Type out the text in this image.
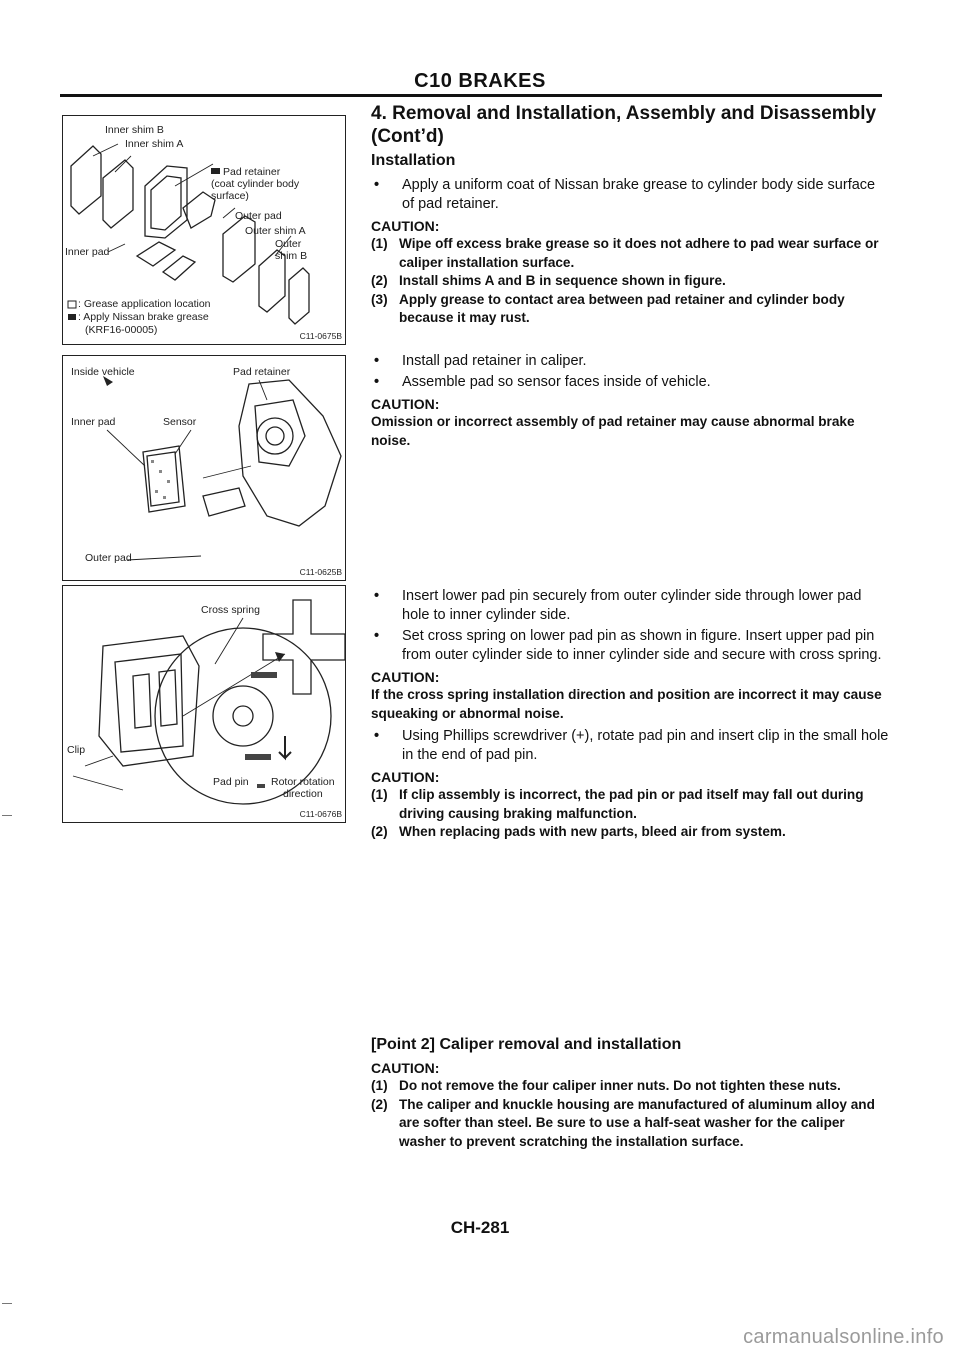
C10 BRAKES
Inner shim B
Inner shim A
Pad retainer
(coat cylinder body
surface)
Outer pad
Outer shim A
Outer
shim B
Inner pad
: Grease application location
: Apply Nissan brake grease
(KRF16-00005)	C11-0675B
Inside vehicle	Pad retainer
Inner pad	Sensor
Outer pad
C11-0625B
Cross spring
Clip
Pad pin Rotor rotation
direction
C11-0676B
4. Removal and Installation, Assembly and Disassembly (Cont’d)
Installation
• Apply a uniform coat of Nissan brake grease to cylinder body side surface of pad retainer.
CAUTION:
(1) Wipe off excess brake grease so it does not adhere to pad wear surface or caliper installation surface.
(2) Install shims A and B in sequence shown in figure.
(3) Apply grease to contact area between pad retainer and cylinder body because it may rust.
• Install pad retainer in caliper.
• Assemble pad so sensor faces inside of vehicle.
CAUTION:
Omission or incorrect assembly of pad retainer may cause abnormal brake noise.
• Insert lower pad pin securely from outer cylinder side through lower pad hole to inner cylinder side.
• Set cross spring on lower pad pin as shown in figure. Insert upper pad pin from outer cylinder side to inner cylinder side and secure with cross spring.
CAUTION:
If the cross spring installation direction and position are incorrect it may cause squeaking or abnormal noise.
• Using Phillips screwdriver (+), rotate pad pin and insert clip in the small hole in the end of pad pin.
CAUTION:
(1) If clip assembly is incorrect, the pad pin or pad itself may fall out during driving causing braking malfunction.
(2) When replacing pads with new parts, bleed air from system.
[Point 2] Caliper removal and installation
CAUTION:
(1) Do not remove the four caliper inner nuts. Do not tighten these nuts.
(2) The caliper and knuckle housing are manufactured of aluminum alloy and are softer than steel. Be sure to use a half-seat washer for the caliper washer to prevent scratching the installation surface.
CH-281
carmanualsonline.info
